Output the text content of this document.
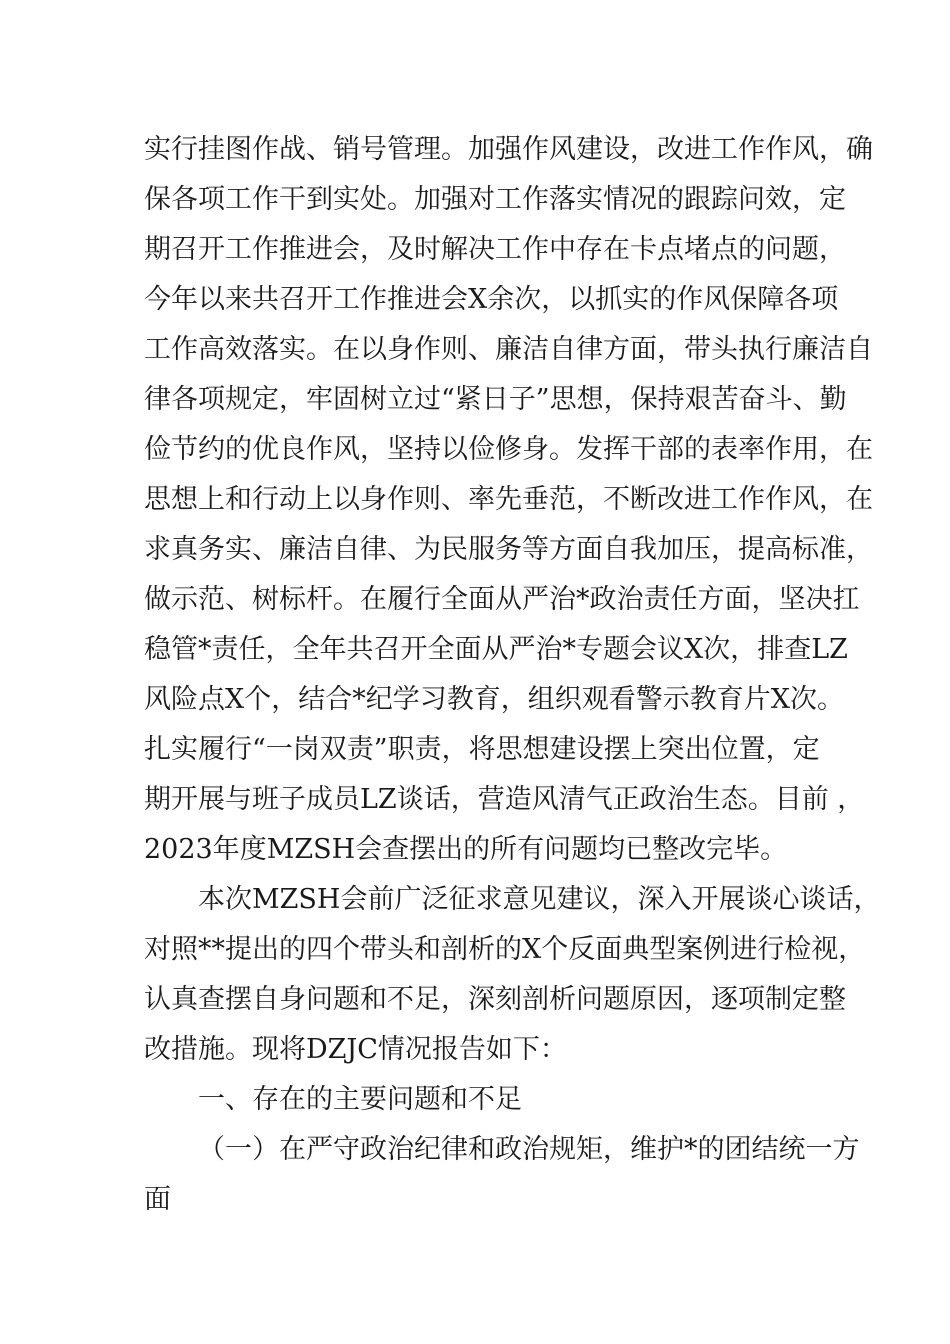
实行挂图作战、销号管理。加强作风建设，改进工作作风，确
保各项工作干到实处。加强对工作落实情况的跟踪问效，定
期召开工作推进会，及时解决工作中存在卡点堵点的问题，
今年以来共召开工作推进会X余次，以抓实的作风保障各项
工作高效落实。在以身作则、廉洁自律方面，带头执行廉洁自
律各项规定，牢固树立过“紧日子”思想，保持艰苦奋斗、勤
俭节约的优良作风，坚持以俭修身。发挥干部的表率作用，在
思想上和行动上以身作则、率先垂范，不断改进工作作风，在
求真务实、廉洁自律、为民服务等方面自我加压，提高标准，
做示范、树标杆。在履行全面从严治*政治责任方面，坚决扛
稳管*责任，全年共召开全面从严治*专题会议X次，排查LZ
风险点X个，结合*纪学习教育，组织观看警示教育片X次。
扎实履行“一岗双责”职责，将思想建设摆上突出位置，定
期开展与班子成员LZ谈话，营造风清气正政治生态。目前 ，
2023年度MZSH会查摆出的所有问题均已整改完毕。
本次MZSH会前广泛征求意见建议，深入开展谈心谈话，
对照**提出的四个带头和剖析的X个反面典型案例进行检视，
认真查摆自身问题和不足，深刻剖析问题原因，逐项制定整
改措施。现将DZJC情况报告如下：
一、存在的主要问题和不足
（一）在严守政治纪律和政治规矩，维护*的团结统一方
面
